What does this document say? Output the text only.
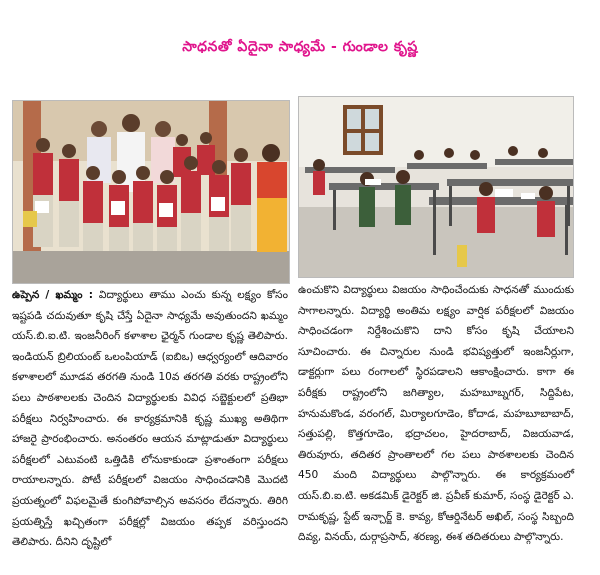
సాధనతో ఏదైనా సాధ్యమే - గుండాల కృష్ణ
ఉప్పెన / ఖమ్మం : విద్యార్థులు తాము ఎంచు కున్న లక్ష్యం కోసం ఇష్టపడి చదువుతూ కృషి చేస్తే ఏదైనా సాధ్యమే అవుతుందని ఖమ్మం యస్.బి.ఐ.టి. ఇంజనీరింగ్ కళాశాల ఛైర్మన్ గుండాల కృష్ణ తెలిపారు. ఇండియన్ బ్రిలియంట్ ఒలంపియాడ్ (ఐబిఒ) ఆధ్వర్యంలో ఆదివారం కళాశాలలో మూడవ తరగతి నుండి 10వ తరగతి వరకు రాష్ట్రంలోని పలు పాఠశాలలకు చెందిన విద్యార్థులకు వివిధ సబ్జెక్టులలో ప్రతిభా పరీక్షలు నిర్వహించారు. ఈ కార్యక్రమానికి కృష్ణ ముఖ్య అతిథిగా హాజరై ప్రారంభించారు. అనంతరం ఆయన మాట్లాడుతూ విద్యార్థులు పరీక్షలలో ఎటువంటి ఒత్తిడికి లోనుకాకుండా ప్రశాంతంగా పరీక్షలు రాయాలన్నారు. పోటీ పరీక్షలలో విజయం సాధించడానికి మొదటి ప్రయత్నంలో విఫలమైతే కుంగిపోవాల్సిన అవసరం లేదన్నారు. తిరిగి ప్రయత్నిస్తే ఖచ్చితంగా పరీక్షల్లో విజయం తప్పక వరిస్తుందని తెలిపారు. దీనిని దృష్టిలో
ఉంచుకొని విద్యార్థులు విజయం సాధించేందుకు సాధనతో ముందుకు సాగాలన్నారు. విద్యార్థి అంతిమ లక్ష్యం వార్షిక పరీక్షలలో విజయం సాధించడంగా నిర్దేశించుకొని దాని కోసం కృషి చేయాలని సూచించారు. ఈ చిన్నారుల నుండి భవిష్యత్తులో ఇంజనీర్లుగా, డాక్టర్లుగా పలు రంగాలలో స్థిరపడాలని ఆకాంక్షించారు. కాగా ఈ పరీక్షకు రాష్ట్రంలోని జగిత్యాల, మహబూబ్నగర్, సిద్దిపేట, హనుమకొండ, వరంగల్, మిర్యాలగూడెం, కోదాడ, మహబూబాబాద్, సత్తుపల్లి, కొత్తగూడెం, భద్రాచలం, హైదరాబాద్, విజయవాడ, తిరువూరు, తదితర ప్రాంతాలలో గల పలు పాఠశాలలకు చెందిన 450 మంది విద్యార్థులు పాల్గొన్నారు. ఈ కార్యక్రమంలో యస్.బి.ఐ.టి. అకడమిక్ డైరెక్టర్ జి. ప్రవీణ్ కుమార్, సంస్థ డైరెక్టర్ ఎ. రామకృష్ణ, స్టేట్ ఇన్చార్జ్ కె. కావ్య, కోఆర్డినేటర్ అఖిల్, సంస్థ సిబ్బంది దివ్య, వినయ్, దుర్గాప్రసాద్, శరణ్య, ఈశ తదితరులు పాల్గొన్నారు.
